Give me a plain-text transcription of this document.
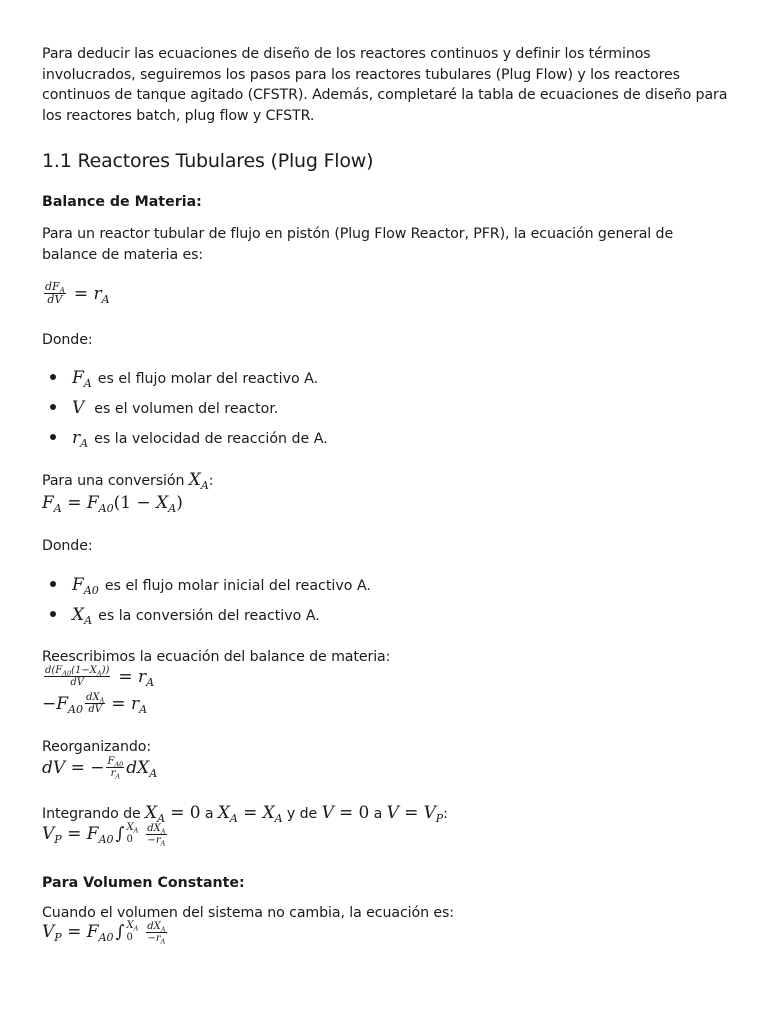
Para deducir las ecuaciones de diseño de los reactores continuos y definir los términos involucrados, seguiremos los pasos para los reactores tubulares (Plug Flow) y los reactores continuos de tanque agitado (CFSTR). Además, completaré la tabla de ecuaciones de diseño para los reactores batch, plug flow y CFSTR.

1.1 Reactores Tubulares (Plug Flow)
Balance de Materia:

Para un reactor tubular de flujo en pistón (Plug Flow Reactor, PFR), la ecuación general de balance de materia es:

$\frac{dF_A}{dV} = r_A$

Donde:

$F_A$ es el flujo molar del reactivo A.
V es el volumen del reactor.
$r_A$ es la velocidad de reacción de A.
Para una conversión $X_A$:
$F_A = F_{A0}(1 - X_A)$

Donde:

$F_{A0}$ es el flujo molar inicial del reactivo A.
$X_A$ es la conversión del reactivo A.

Reescribimos la ecuación del balance de materia:

$\frac{d(F_{A0}(1-X_A))}{dV} = r_A$
$-F_{A0} \frac{dX_A}{dV} = r_A$

Reorganizando:

dV = − $\frac{F_{A0}}{r_A} dX_A$
Integrando de $X_A = 0$ a $X_A = X_A$ y de V = 0 a $V = V_P$:
$V_P = F_{A0}$ ∫ $X_A$
0	$\frac{dX_A}{-r_A}$
Para Volumen Constante:

Cuando el volumen del sistema no cambia, la ecuación es:

$V_P = F_{A0}$ ∫ $X_A$
0	$\frac{dX_A}{-r_A}$
